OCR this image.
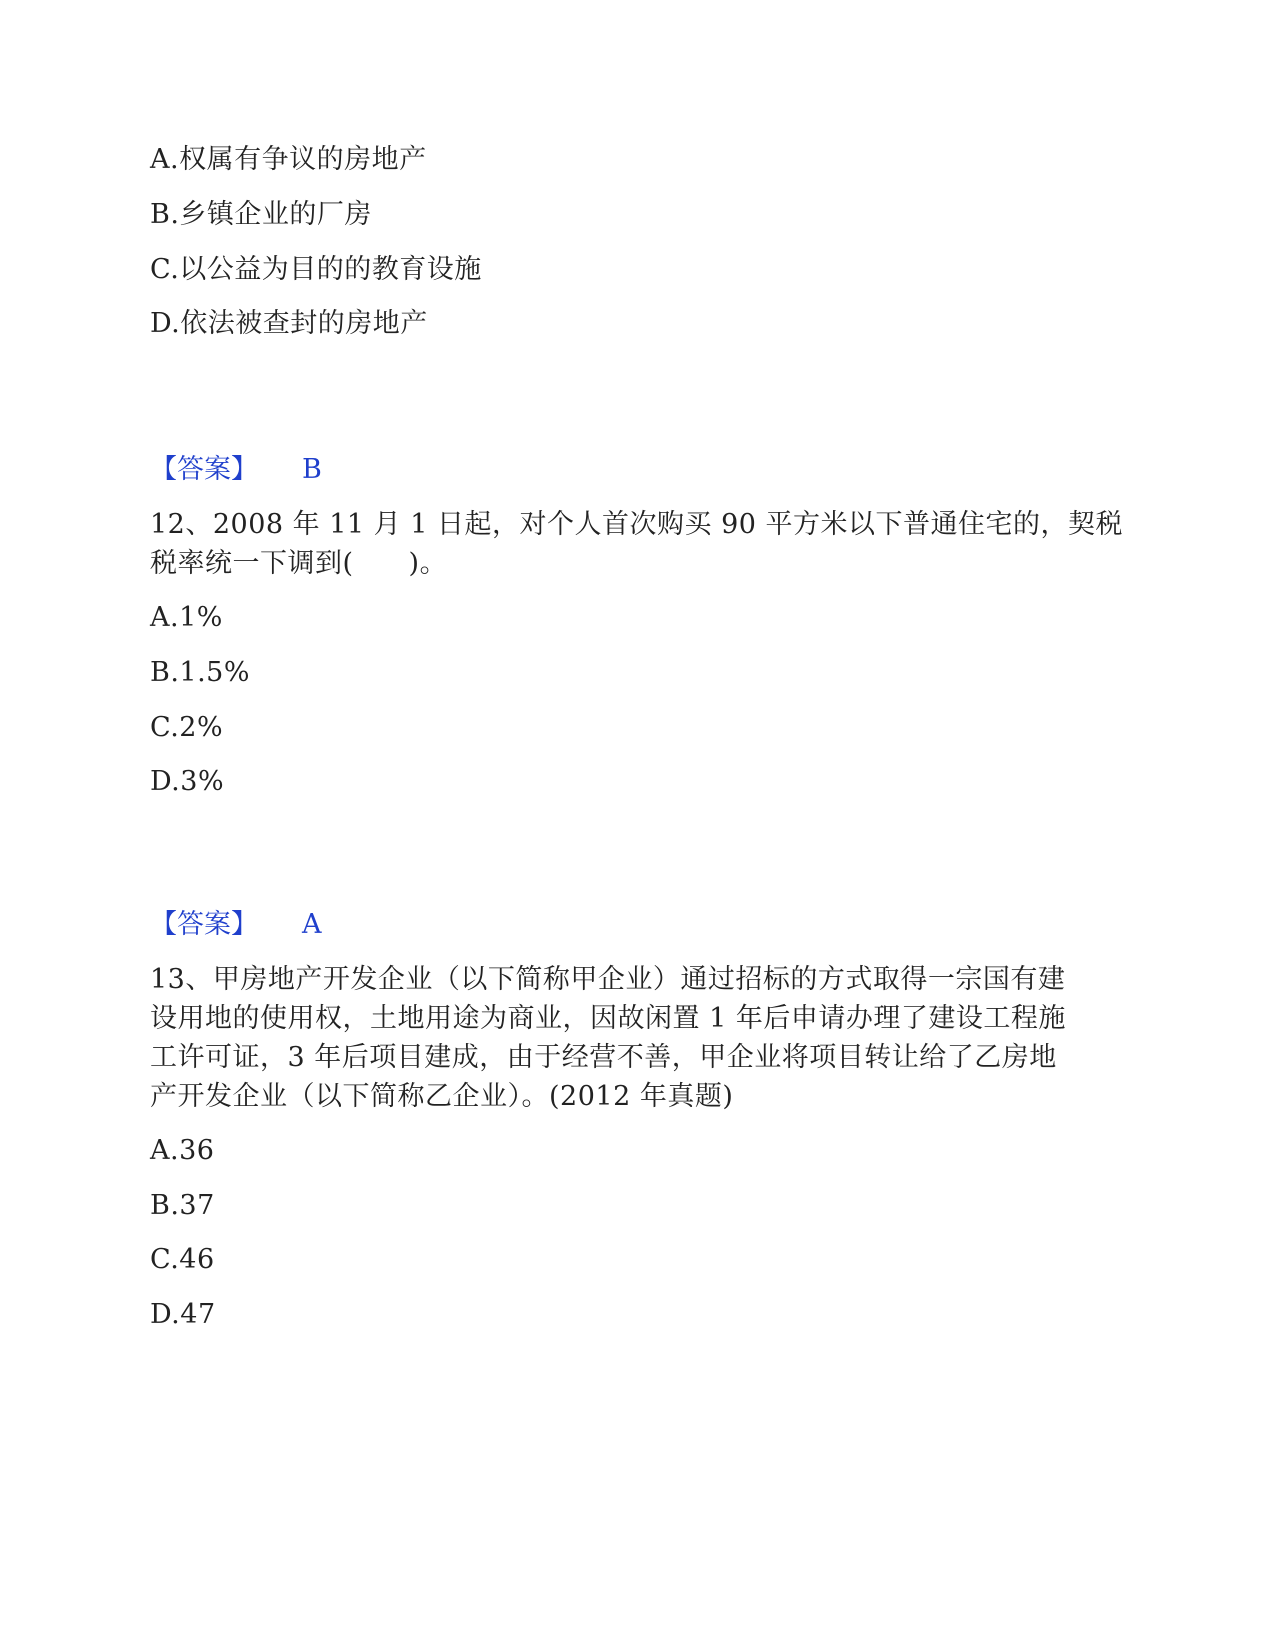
A.权属有争议的房地产
B.乡镇企业的厂房
C.以公益为目的的教育设施
D.依法被查封的房地产
【答案】 B
12、2008 年 11 月 1 日起，对个人首次购买 90 平方米以下普通住宅的，契税
税率统一下调到(　　)。
A.1%
B.1.5%
C.2%
D.3%
【答案】 A
13、甲房地产开发企业（以下简称甲企业）通过招标的方式取得一宗国有建
设用地的使用权，土地用途为商业，因故闲置 1 年后申请办理了建设工程施
工许可证，3 年后项目建成，由于经营不善，甲企业将项目转让给了乙房地
产开发企业（以下简称乙企业）。(2012 年真题)
A.36
B.37
C.46
D.47
